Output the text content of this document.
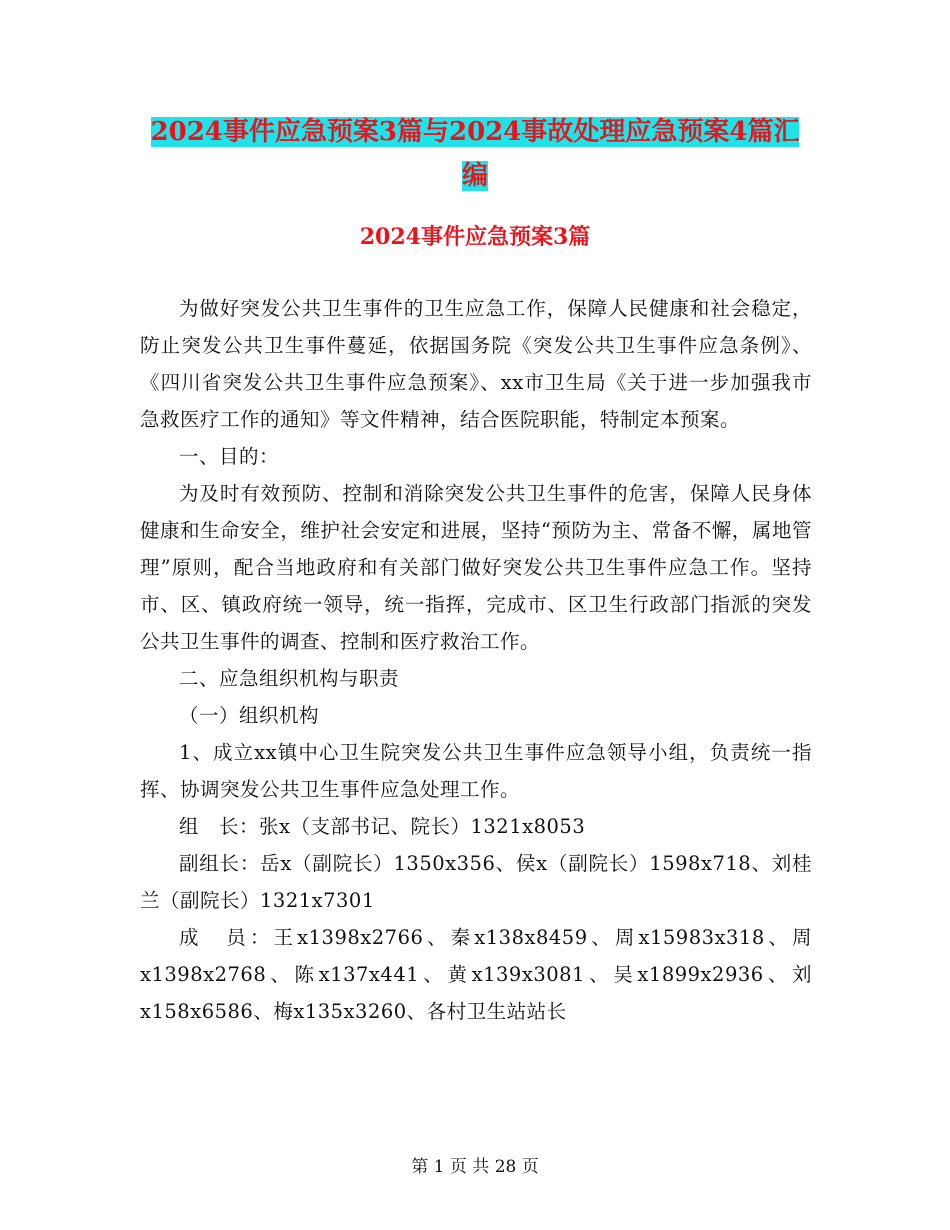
2024事件应急预案3篇与2024事故处理应急预案4篇汇编
2024事件应急预案3篇

为做好突发公共卫生事件的卫生应急工作，保障人民健康和社会稳定，防止突发公共卫生事件蔓延，依据国务院《突发公共卫生事件应急条例》、《四川省突发公共卫生事件应急预案》、xx市卫生局《关于进一步加强我市急救医疗工作的通知》等文件精神，结合医院职能，特制定本预案。

一、目的：

为及时有效预防、控制和消除突发公共卫生事件的危害，保障人民身体健康和生命安全，维护社会安定和进展，坚持“预防为主、常备不懈，属地管理”原则，配合当地政府和有关部门做好突发公共卫生事件应急工作。坚持市、区、镇政府统一领导，统一指挥，完成市、区卫生行政部门指派的突发公共卫生事件的调查、控制和医疗救治工作。

二、应急组织机构与职责

（一）组织机构

1、成立xx镇中心卫生院突发公共卫生事件应急领导小组，负责统一指挥、协调突发公共卫生事件应急处理工作。

组　长：张x（支部书记、院长）1321x8053

副组长：岳x（副院长）1350x356、侯x（副院长）1598x718、刘桂兰（副院长）1321x7301

成　员：王x1398x2766、秦x138x8459、周x15983x318、周x1398x2768、陈x137x441、黄x139x3081、吴x1899x2936、刘x158x6586、梅x135x3260、各村卫生站站长

第 1 页 共 28 页
